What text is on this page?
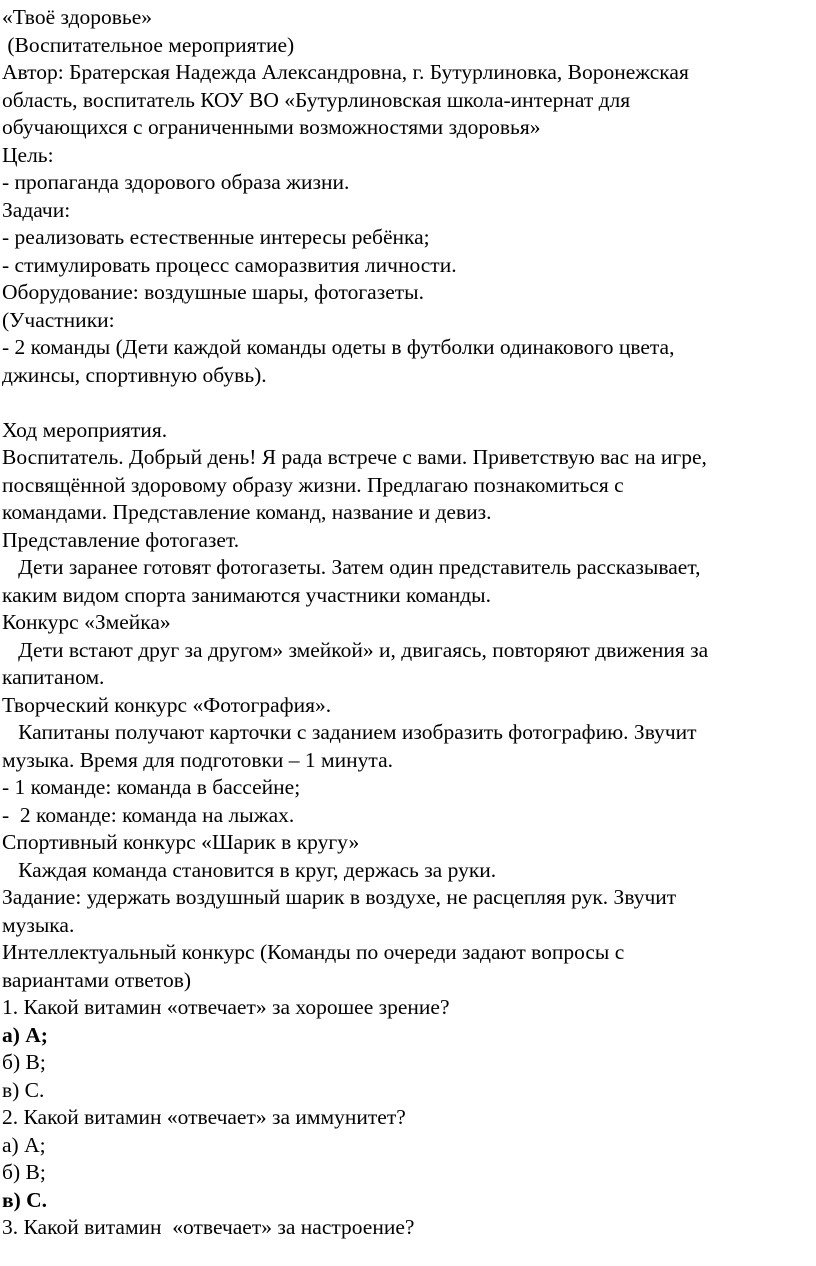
«Твоё здоровье»
(Воспитательное мероприятие)
Автор: Братерская Надежда Александровна, г. Бутурлиновка, Воронежская
область, воспитатель КОУ ВО «Бутурлиновская школа-интернат для
обучающихся с ограниченными возможностями здоровья»
Цель:
- пропаганда здорового образа жизни.
Задачи:
- реализовать естественные интересы ребёнка;
- стимулировать процесс саморазвития личности.
Оборудование: воздушные шары, фотогазеты.
(Участники:
- 2 команды (Дети каждой команды одеты в футболки одинакового цвета,
джинсы, спортивную обувь).
Ход мероприятия.
Воспитатель. Добрый день! Я рада встрече с вами. Приветствую вас на игре,
посвящённой здоровому образу жизни. Предлагаю познакомиться с
командами. Представление команд, название и девиз.
Представление фотогазет.
Дети заранее готовят фотогазеты. Затем один представитель рассказывает,
каким видом спорта занимаются участники команды.
Конкурс «Змейка»
Дети встают друг за другом» змейкой» и, двигаясь, повторяют движения за
капитаном.
Творческий конкурс «Фотография».
Капитаны получают карточки с заданием изобразить фотографию. Звучит
музыка. Время для подготовки – 1 минута.
- 1 команде: команда в бассейне;
-  2 команде: команда на лыжах.
Спортивный конкурс «Шарик в кругу»
Каждая команда становится в круг, держась за руки.
Задание: удержать воздушный шарик в воздухе, не расцепляя рук. Звучит
музыка.
Интеллектуальный конкурс (Команды по очереди задают вопросы с
вариантами ответов)
1. Какой витамин «отвечает» за хорошее зрение?
а) А;
б) В;
в) С.
2. Какой витамин «отвечает» за иммунитет?
а) А;
б) В;
в) С.
3. Какой витамин  «отвечает» за настроение?
